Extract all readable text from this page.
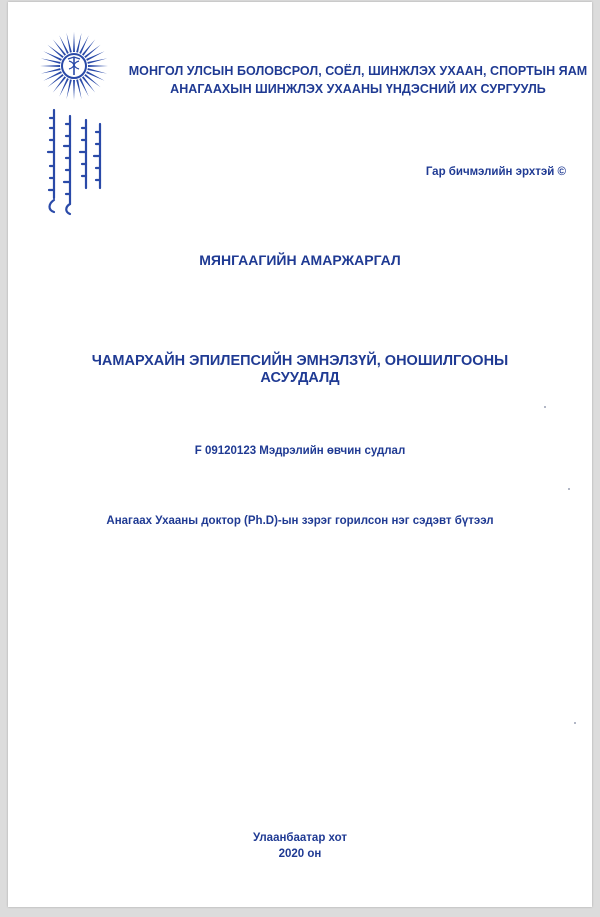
МОНГОЛ УЛСЫН БОЛОВСРОЛ, СОЁЛ, ШИНЖЛЭХ УХААН, СПОРТЫН ЯАМ
АНАГААХЫН ШИНЖЛЭХ УХААНЫ ҮНДЭСНИЙ ИХ СУРГУУЛЬ
Гар бичмэлийн эрхтэй ©
МЯНГААГИЙН АМАРЖАРГАЛ
ЧАМАРХАЙН ЭПИЛЕПСИЙН ЭМНЭЛЗҮЙ, ОНОШИЛГООНЫ
АСУУДАЛД
F 09120123 Мэдрэлийн өвчин судлал
Анагаах Ухааны доктор (Ph.D)-ын зэрэг горилсон нэг сэдэвт бүтээл
Улаанбаатар хот
2020 он
